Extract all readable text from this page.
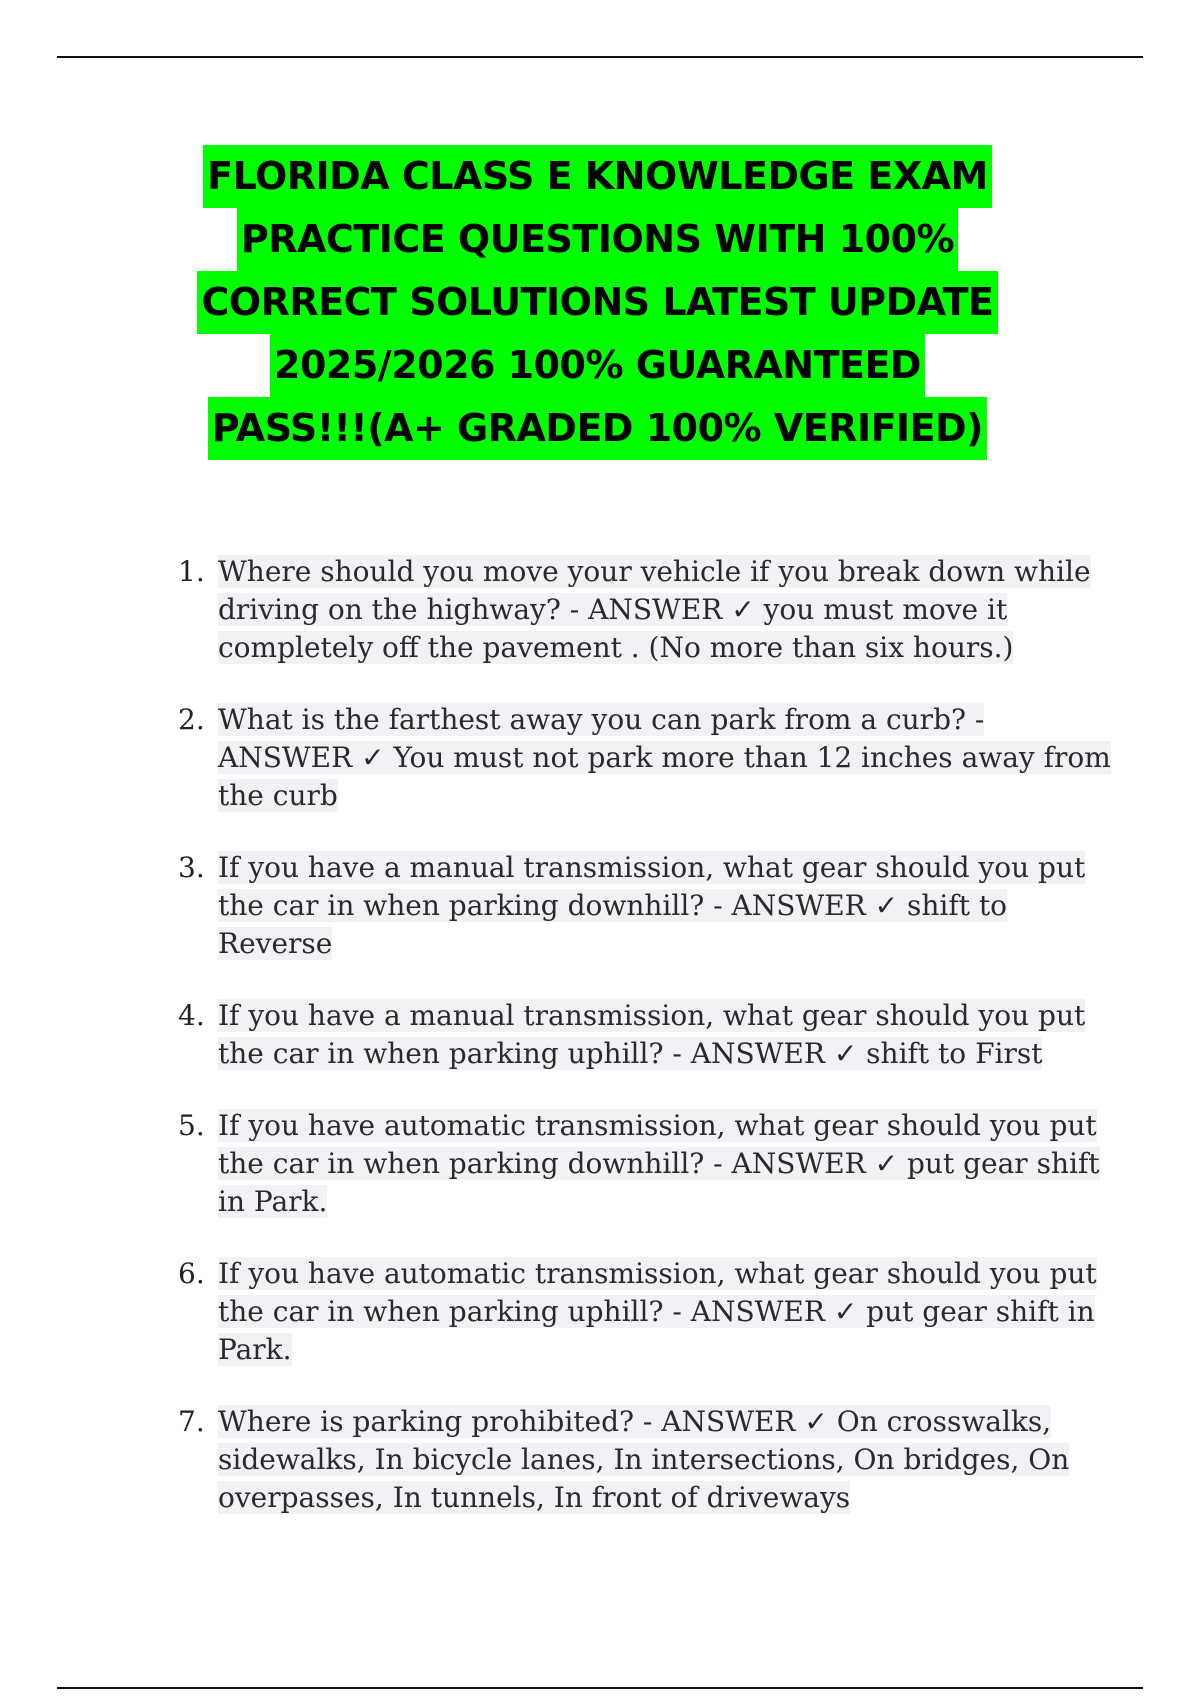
FLORIDA CLASS E KNOWLEDGE EXAM
PRACTICE QUESTIONS WITH 100%
CORRECT SOLUTIONS LATEST UPDATE
2025/2026 100% GUARANTEED
PASS!!!(A+ GRADED 100% VERIFIED)
1. Where should you move your vehicle if you break down while driving on the highway? - ANSWER ✓ you must move it completely off the pavement . (No more than six hours.)
2. What is the farthest away you can park from a curb? - ANSWER ✓ You must not park more than 12 inches away from the curb
3. If you have a manual transmission, what gear should you put the car in when parking downhill? - ANSWER ✓ shift to Reverse
4. If you have a manual transmission, what gear should you put the car in when parking uphill? - ANSWER ✓ shift to First
5. If you have automatic transmission, what gear should you put the car in when parking downhill? - ANSWER ✓ put gear shift in Park.
6. If you have automatic transmission, what gear should you put the car in when parking uphill? - ANSWER ✓ put gear shift in Park.
7. Where is parking prohibited? - ANSWER ✓ On crosswalks, sidewalks, In bicycle lanes, In intersections, On bridges, On overpasses, In tunnels, In front of driveways
